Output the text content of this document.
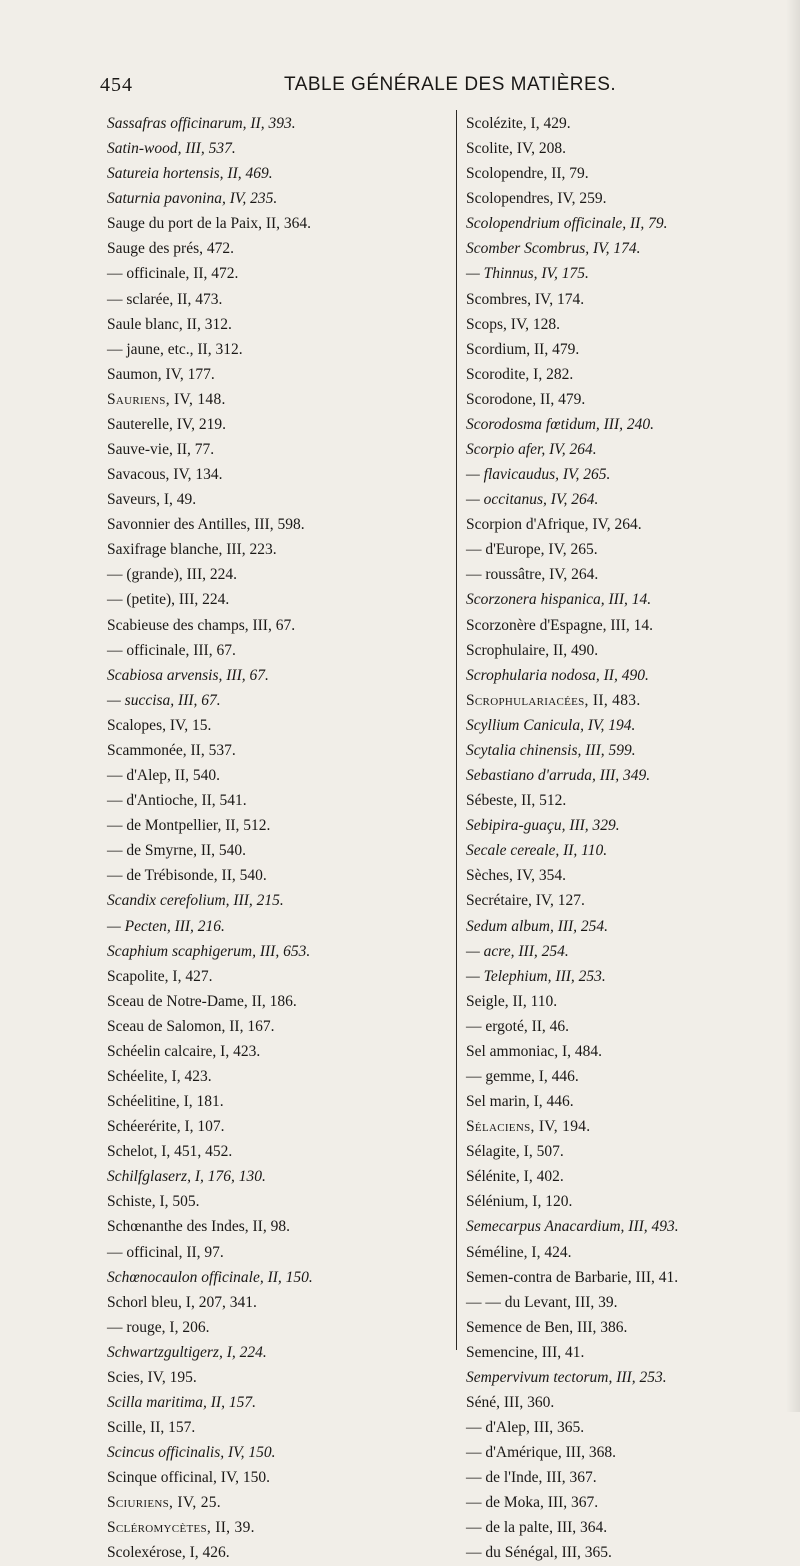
454	TABLE GÉNÉRALE DES MATIÈRES.
Sassafras officinarum, II, 393.
Satin-wood, III, 537.
Satureia hortensis, II, 469.
Saturnia pavonina, IV, 235.
Sauge du port de la Paix, II, 364.
Sauge des prés, 472.
— officinale, II, 472.
— sclarée, II, 473.
Saule blanc, II, 312.
— jaune, etc., II, 312.
Saumon, IV, 177.
Sauriens, IV, 148.
Sauterelle, IV, 219.
Sauve-vie, II, 77.
Savacous, IV, 134.
Saveurs, I, 49.
Savonnier des Antilles, III, 598.
Saxifrage blanche, III, 223.
— (grande), III, 224.
— (petite), III, 224.
Scabieuse des champs, III, 67.
— officinale, III, 67.
Scabiosa arvensis, III, 67.
— succisa, III, 67.
Scalopes, IV, 15.
Scammonée, II, 537.
— d'Alep, II, 540.
— d'Antioche, II, 541.
— de Montpellier, II, 512.
— de Smyrne, II, 540.
— de Trébisonde, II, 540.
Scandix cerefolium, III, 215.
— Pecten, III, 216.
Scaphium scaphigerum, III, 653.
Scapolite, I, 427.
Sceau de Notre-Dame, II, 186.
Sceau de Salomon, II, 167.
Schéelin calcaire, I, 423.
Schéelite, I, 423.
Schéelitine, I, 181.
Schéerérite, I, 107.
Schelot, I, 451, 452.
Schilfglaserz, I, 176, 130.
Schiste, I, 505.
Schœnanthe des Indes, II, 98.
— officinal, II, 97.
Schœnocaulon officinale, II, 150.
Schorl bleu, I, 207, 341.
— rouge, I, 206.
Schwartzgultigerz, I, 224.
Scies, IV, 195.
Scilla maritima, II, 157.
Scille, II, 157.
Scincus officinalis, IV, 150.
Scinque officinal, IV, 150.
Sciuriens, IV, 25.
Scléromycètes, II, 39.
Scolexérose, I, 426.
Scolézite, I, 429.
Scolite, IV, 208.
Scolopendre, II, 79.
Scolopendres, IV, 259.
Scolopendrium officinale, II, 79.
Scomber Scombrus, IV, 174.
— Thinnus, IV, 175.
Scombres, IV, 174.
Scops, IV, 128.
Scordium, II, 479.
Scorodite, I, 282.
Scorodone, II, 479.
Scorodosma fœtidum, III, 240.
Scorpio afer, IV, 264.
— flavicaudus, IV, 265.
— occitanus, IV, 264.
Scorpion d'Afrique, IV, 264.
— d'Europe, IV, 265.
— roussâtre, IV, 264.
Scorzonera hispanica, III, 14.
Scorzonère d'Espagne, III, 14.
Scrophulaire, II, 490.
Scrophularia nodosa, II, 490.
Scrophulariacées, II, 483.
Scyllium Canicula, IV, 194.
Scytalia chinensis, III, 599.
Sebastiano d'arruda, III, 349.
Sébeste, II, 512.
Sebipira-guaçu, III, 329.
Secale cereale, II, 110.
Sèches, IV, 354.
Secrétaire, IV, 127.
Sedum album, III, 254.
— acre, III, 254.
— Telephium, III, 253.
Seigle, II, 110.
— ergoté, II, 46.
Sel ammoniac, I, 484.
— gemme, I, 446.
Sel marin, I, 446.
Sélaciens, IV, 194.
Sélagite, I, 507.
Sélénite, I, 402.
Sélénium, I, 120.
Semecarpus Anacardium, III, 493.
Séméline, I, 424.
Semen-contra de Barbarie, III, 41.
— — du Levant, III, 39.
Semence de Ben, III, 386.
Semencine, III, 41.
Sempervivum tectorum, III, 253.
Séné, III, 360.
— d'Alep, III, 365.
— d'Amérique, III, 368.
— de l'Inde, III, 367.
— de Moka, III, 367.
— de la palte, III, 364.
— du Sénégal, III, 365.
